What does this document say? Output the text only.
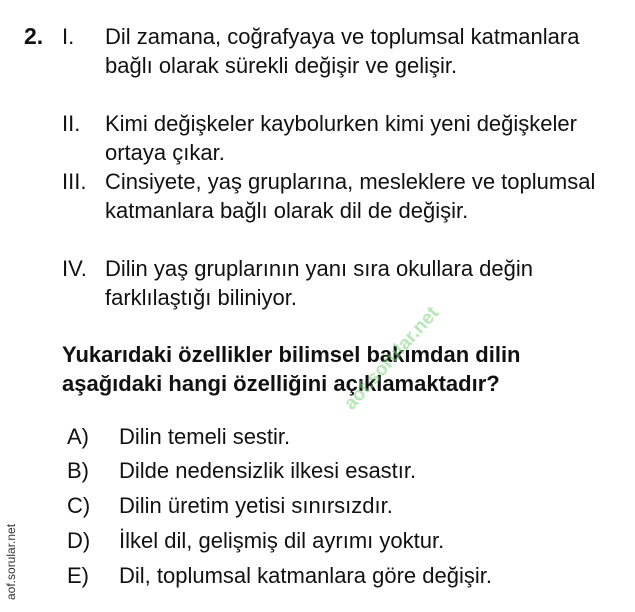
2. I.	Dil zamana, coğrafyaya ve toplumsal katmanlara bağlı olarak sürekli değişir ve gelişir.
II.	Kimi değişkeler kaybolurken kimi yeni değişkeler ortaya çıkar.
III. Cinsiyete, yaş gruplarına, mesleklere ve toplumsal katmanlara bağlı olarak dil de değişir.
IV. Dilin yaş gruplarının yanı sıra okullara değin farklılaştığı biliniyor.
Yukarıdaki özellikler bilimsel bakımdan dilin
aşağıdaki hangi özelliğini açıklamaktadır?
aof.sorular.net
A)	Dilin temeli sestir.
B)	Dilde nedensizlik ilkesi esastır.
C)	Dilin üretim yetisi sınırsızdır.
D)	İlkel dil, gelişmiş dil ayrımı yoktur.
E)	Dil, toplumsal katmanlara göre değişir.
aof.sorular.net
